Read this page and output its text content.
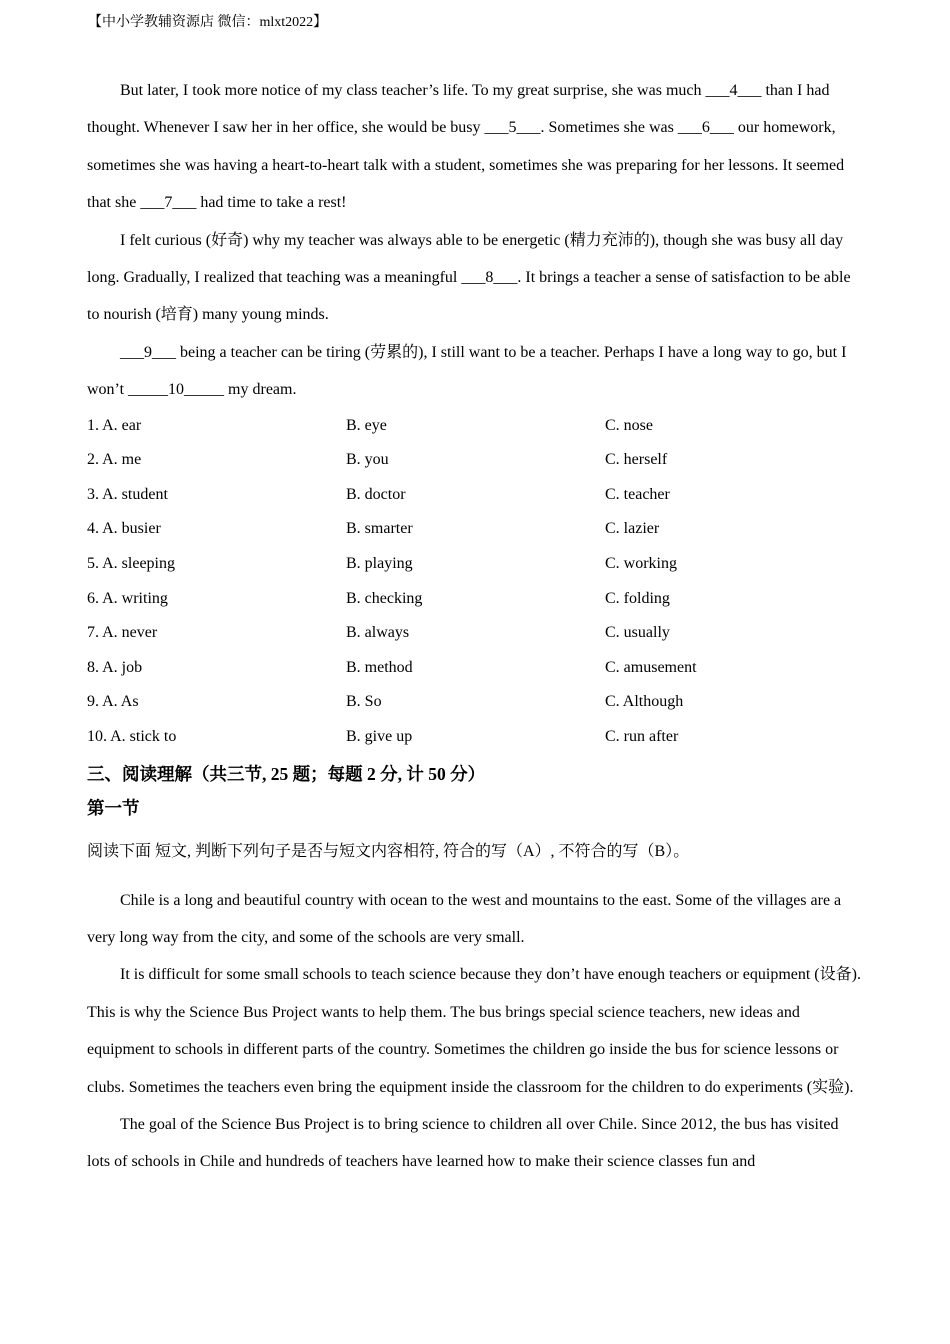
【中小学教辅资源店 微信：mlxt2022】

But later, I took more notice of my class teacher’s life. To my great surprise, she was much ___4___ than I had thought. Whenever I saw her in her office, she would be busy ___5___. Sometimes she was ___6___ our homework, sometimes she was having a heart-to-heart talk with a student, sometimes she was preparing for her lessons. It seemed that she ___7___ had time to take a rest!

I felt curious (好奇) why my teacher was always able to be energetic (精力充沛的), though she was busy all day long. Gradually, I realized that teaching was a meaningful ___8___. It brings a teacher a sense of satisfaction to be able to nourish (培育) many young minds.

___9___ being a teacher can be tiring (劳累的), I still want to be a teacher. Perhaps I have a long way to go, but I won’t _____10_____ my dream.

1. A. ear	B. eye	C. nose
2. A. me	B. you	C. herself
3. A. student	B. doctor	C. teacher
4. A. busier	B. smarter	C. lazier
5. A. sleeping	B. playing	C. working
6. A. writing	B. checking	C. folding
7. A. never	B. always	C. usually
8. A. job	B. method	C. amusement
9. A. As	B. So	C. Although
10. A. stick to	B. give up	C. run after
三、阅读理解（共三节, 25 题；每题 2 分, 计 50 分）
第一节
阅读下面 短文, 判断下列句子是否与短文内容相符, 符合的写（A）, 不符合的写（B）。

Chile is a long and beautiful country with ocean to the west and mountains to the east. Some of the villages are a very long way from the city, and some of the schools are very small.

It is difficult for some small schools to teach science because they don’t have enough teachers or equipment (设备). This is why the Science Bus Project wants to help them. The bus brings special science teachers, new ideas and equipment to schools in different parts of the country. Sometimes the children go inside the bus for science lessons or clubs. Sometimes the teachers even bring the equipment inside the classroom for the children to do experiments (实验).

The goal of the Science Bus Project is to bring science to children all over Chile. Since 2012, the bus has visited lots of schools in Chile and hundreds of teachers have learned how to make their science classes fun and
